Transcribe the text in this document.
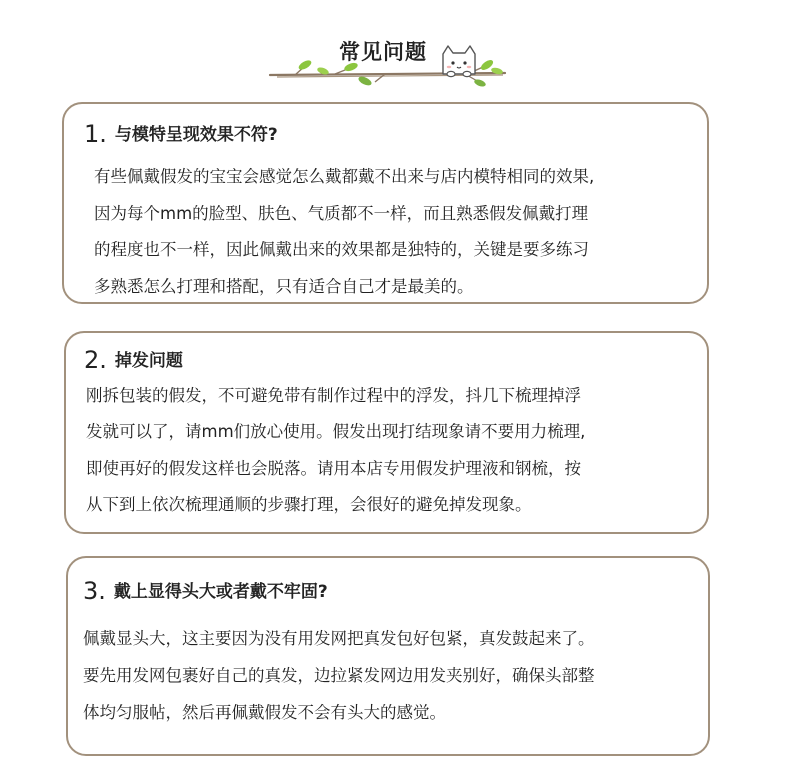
常见问题
1. 与模特呈现效果不符?
有些佩戴假发的宝宝会感觉怎么戴都戴不出来与店内模特相同的效果,
因为每个mm的脸型、肤色、气质都不一样，而且熟悉假发佩戴打理
的程度也不一样，因此佩戴出来的效果都是独特的，关键是要多练习
多熟悉怎么打理和搭配，只有适合自己才是最美的。
2. 掉发问题
刚拆包装的假发，不可避免带有制作过程中的浮发，抖几下梳理掉浮
发就可以了，请mm们放心使用。假发出现打结现象请不要用力梳理,
即使再好的假发这样也会脱落。请用本店专用假发护理液和钢梳，按
从下到上依次梳理通顺的步骤打理，会很好的避免掉发现象。
3. 戴上显得头大或者戴不牢固?
佩戴显头大，这主要因为没有用发网把真发包好包紧，真发鼓起来了。
要先用发网包裹好自己的真发，边拉紧发网边用发夹别好，确保头部整
体均匀服帖，然后再佩戴假发不会有头大的感觉。
